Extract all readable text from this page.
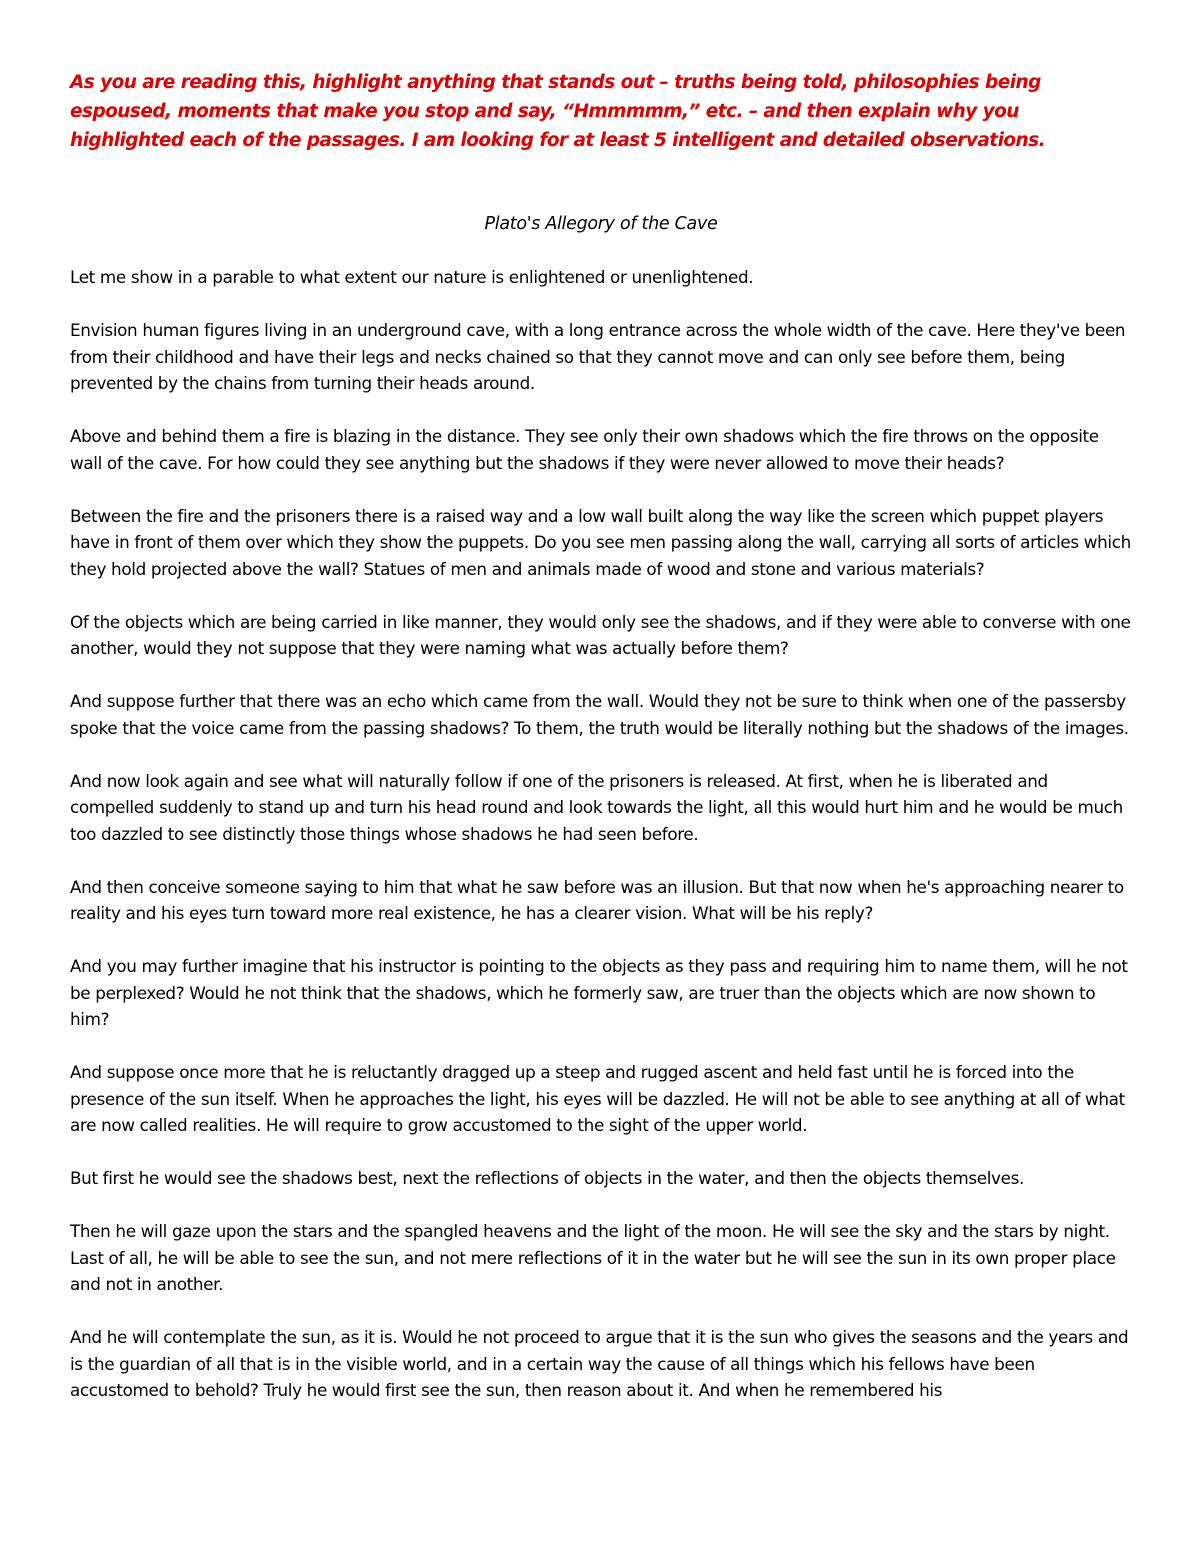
As you are reading this, highlight anything that stands out – truths being told, philosophies being espoused, moments that make you stop and say, “Hmmmmm,” etc. – and then explain why you highlighted each of the passages. I am looking for at least 5 intelligent and detailed observations.

Plato's Allegory of the Cave

Let me show in a parable to what extent our nature is enlightened or unenlightened.

Envision human figures living in an underground cave, with a long entrance across the whole width of the cave. Here they've been from their childhood and have their legs and necks chained so that they cannot move and can only see before them, being prevented by the chains from turning their heads around.

Above and behind them a fire is blazing in the distance. They see only their own shadows which the fire throws on the opposite wall of the cave. For how could they see anything but the shadows if they were never allowed to move their heads?

Between the fire and the prisoners there is a raised way and a low wall built along the way like the screen which puppet players have in front of them over which they show the puppets. Do you see men passing along the wall, carrying all sorts of articles which they hold projected above the wall? Statues of men and animals made of wood and stone and various materials?

Of the objects which are being carried in like manner, they would only see the shadows, and if they were able to converse with one another, would they not suppose that they were naming what was actually before them?

And suppose further that there was an echo which came from the wall. Would they not be sure to think when one of the passersby spoke that the voice came from the passing shadows? To them, the truth would be literally nothing but the shadows of the images.

And now look again and see what will naturally follow if one of the prisoners is released. At first, when he is liberated and compelled suddenly to stand up and turn his head round and look towards the light, all this would hurt him and he would be much too dazzled to see distinctly those things whose shadows he had seen before.

And then conceive someone saying to him that what he saw before was an illusion. But that now when he's approaching nearer to reality and his eyes turn toward more real existence, he has a clearer vision. What will be his reply?

And you may further imagine that his instructor is pointing to the objects as they pass and requiring him to name them, will he not be perplexed? Would he not think that the shadows, which he formerly saw, are truer than the objects which are now shown to him?

And suppose once more that he is reluctantly dragged up a steep and rugged ascent and held fast until he is forced into the presence of the sun itself. When he approaches the light, his eyes will be dazzled. He will not be able to see anything at all of what are now called realities. He will require to grow accustomed to the sight of the upper world.

But first he would see the shadows best, next the reflections of objects in the water, and then the objects themselves.

Then he will gaze upon the stars and the spangled heavens and the light of the moon. He will see the sky and the stars by night. Last of all, he will be able to see the sun, and not mere reflections of it in the water but he will see the sun in its own proper place and not in another.

And he will contemplate the sun, as it is. Would he not proceed to argue that it is the sun who gives the seasons and the years and is the guardian of all that is in the visible world, and in a certain way the cause of all things which his fellows have been accustomed to behold? Truly he would first see the sun, then reason about it. And when he remembered his
